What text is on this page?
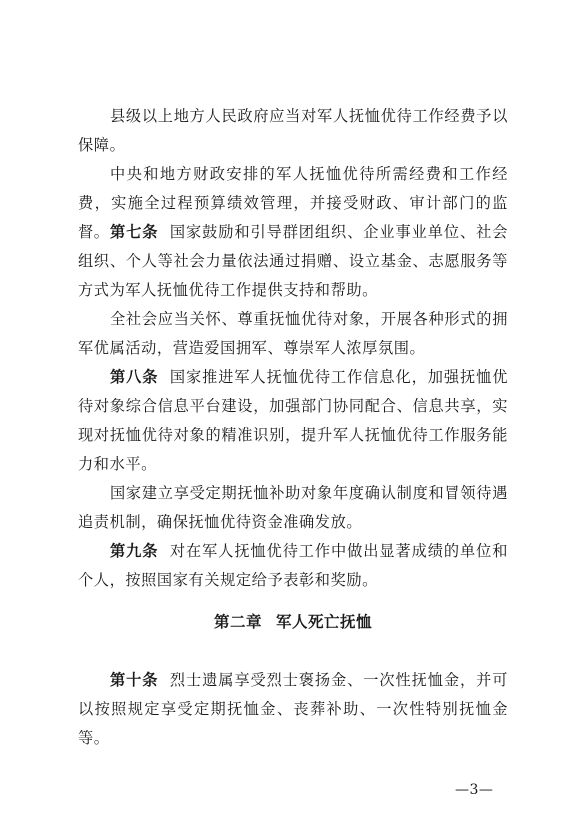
县级以上地方人民政府应当对军人抚恤优待工作经费予以保障。

中央和地方财政安排的军人抚恤优待所需经费和工作经费，实施全过程预算绩效管理，并接受财政、审计部门的监督。 第七条 国家鼓励和引导群团组织、企业事业单位、社会组织、个人等社会力量依法通过捐赠、设立基金、志愿服务等方式为军人抚恤优待工作提供支持和帮助。

全社会应当关怀、尊重抚恤优待对象，开展各种形式的拥军优属活动，营造爱国拥军、尊崇军人浓厚氛围。

第八条 国家推进军人抚恤优待工作信息化，加强抚恤优待对象综合信息平台建设，加强部门协同配合、信息共享，实现对抚恤优待对象的精准识别，提升军人抚恤优待工作服务能力和水平。

国家建立享受定期抚恤补助对象年度确认制度和冒领待遇追责机制，确保抚恤优待资金准确发放。

第九条 对在军人抚恤优待工作中做出显著成绩的单位和个人，按照国家有关规定给予表彰和奖励。

第二章 军人死亡抚恤

第十条 烈士遗属享受烈士褒扬金、一次性抚恤金，并可以按照规定享受定期抚恤金、丧葬补助、一次性特别抚恤金等。

—3—
